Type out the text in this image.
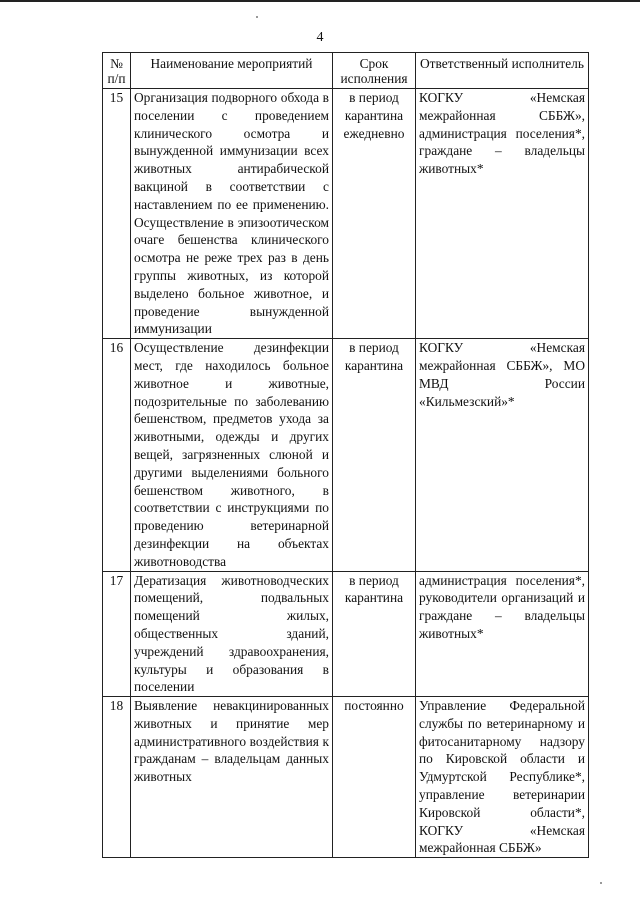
4
№ п/п	Наименование мероприятий	Срок исполнения	Ответственный исполнитель
15	Организация подворного обхода в поселении с проведением клинического осмотра и вынужденной иммунизации всех животных антирабической вакциной в соответствии с наставлением по ее применению. Осуществление в эпизоотическом очаге бешенства клинического осмотра не реже трех раз в день группы животных, из которой выделено больное животное, и проведение вынужденной иммунизации	в период карантина ежедневно	КОГКУ «Немская межрайонная СББЖ», администрация поселения*, граждане – владельцы животных*
16	Осуществление дезинфекции мест, где находилось больное животное и животные, подозрительные по заболеванию бешенством, предметов ухода за животными, одежды и других вещей, загрязненных слюной и другими выделениями больного бешенством животного, в соответствии с инструкциями по проведению ветеринарной дезинфекции на объектах животноводства	в период карантина	КОГКУ «Немская межрайонная СББЖ», МО МВД России «Кильмезский»*
17	Дератизация животноводческих помещений, подвальных помещений жилых, общественных зданий, учреждений здравоохранения, культуры и образования в поселении	в период карантина	администрация поселения*, руководители организаций и граждане – владельцы животных*
18	Выявление невакцинированных животных и принятие мер административного воздействия к гражданам – владельцам данных животных	постоянно	Управление Федеральной службы по ветеринарному и фитосанитарному надзору по Кировской области и Удмуртской Республике*, управление ветеринарии Кировской области*, КОГКУ «Немская межрайонная СББЖ»
